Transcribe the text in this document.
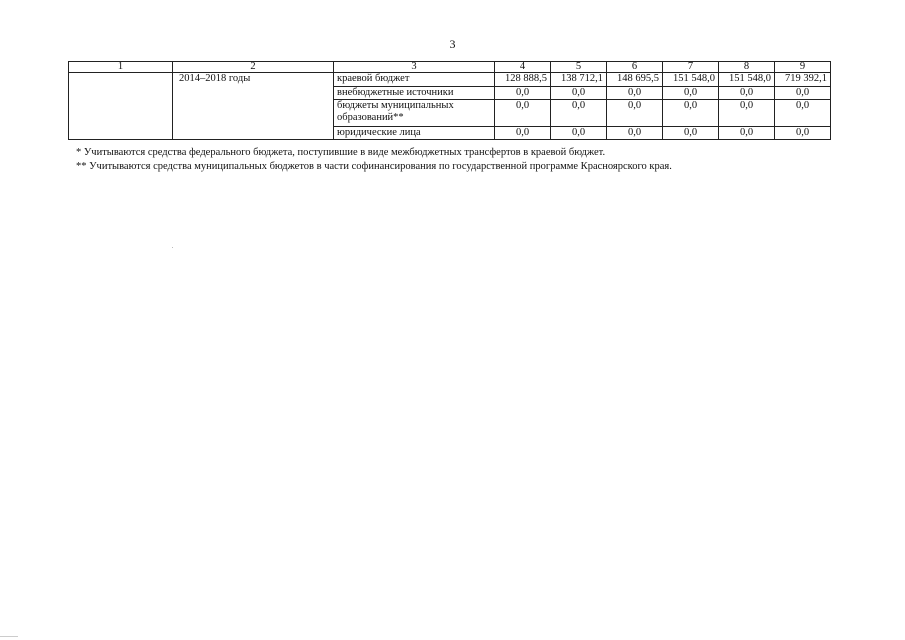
3
1	2	3	4	5	6	7	8	9
	2014–2018 годы	краевой бюджет	128 888,5	138 712,1	148 695,5	151 548,0	151 548,0	719 392,1
		внебюджетные источники	0,0	0,0	0,0	0,0	0,0	0,0
		бюджеты муниципальных образований**	0,0	0,0	0,0	0,0	0,0	0,0
		юридические лица	0,0	0,0	0,0	0,0	0,0	0,0

* Учитываются средства федерального бюджета, поступившие в виде межбюджетных трансфертов в краевой бюджет.

** Учитываются средства муниципальных бюджетов в части софинансирования по государственной программе Красноярского края.
